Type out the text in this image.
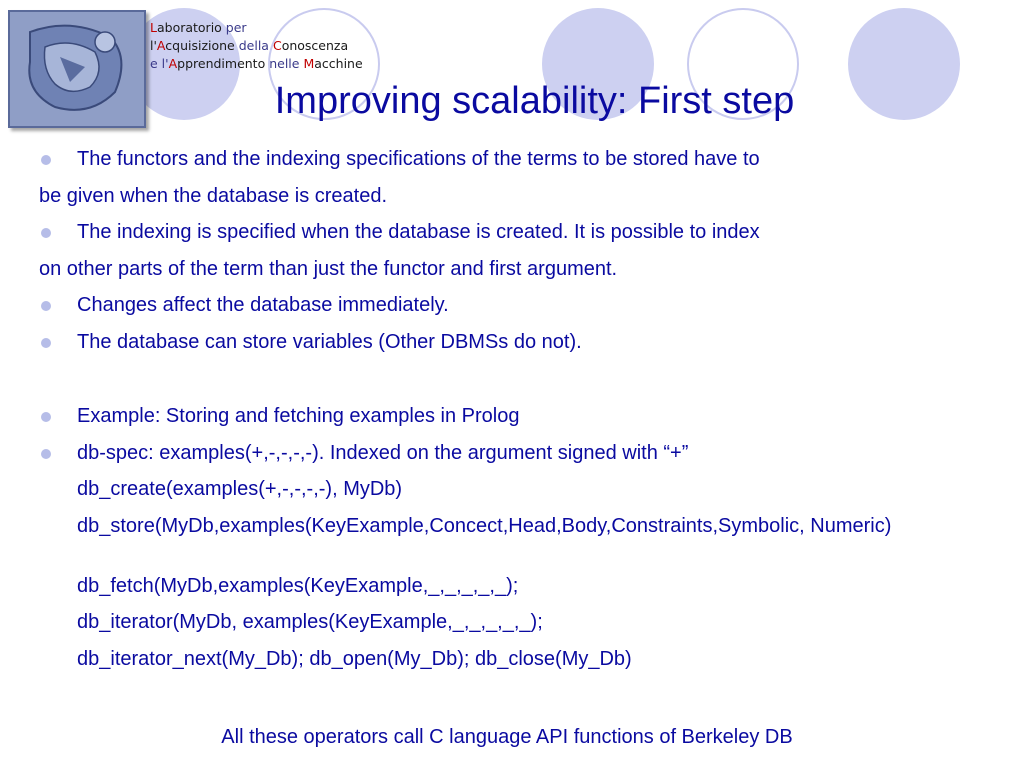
Laboratorio per
l'Acquisizione della Conoscenza
e l'Apprendimento nelle Macchine
Improving scalability: First step
The functors and the indexing specifications of the terms to be stored have to
be given when the database is created.
The indexing is specified when the database is created. It is possible to index
on other parts of the term than just the functor and first argument.
Changes affect the database immediately.
The database can store variables (Other DBMSs do not).
Example: Storing and fetching examples in Prolog
db-spec: examples(+,-,-,-,-). Indexed on the argument signed with “+”
db_create(examples(+,-,-,-,-), MyDb)
db_store(MyDb,examples(KeyExample,Concect,Head,Body,Constraints,Symbolic, Numeric)
db_fetch(MyDb,examples(KeyExample,_,_,_,_,_);
db_iterator(MyDb, examples(KeyExample,_,_,_,_,_);
db_iterator_next(My_Db); db_open(My_Db); db_close(My_Db)
All these operators call C language API functions of Berkeley DB
